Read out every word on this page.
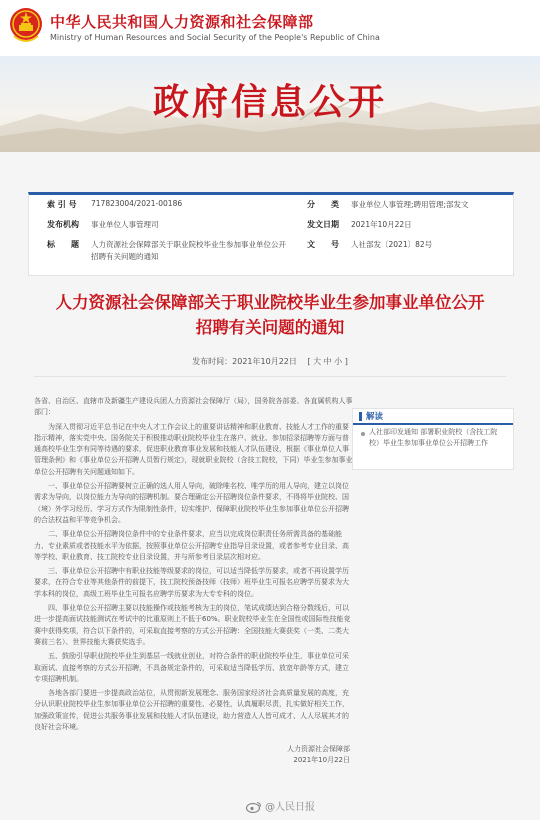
中华人民共和国人力资源和社会保障部
Ministry of Human Resources and Social Security of the People's Republic of China
政府信息公开
索 引 号 717823004/2021-00186	分　　类 事业单位人事管理;聘用管理;部发文
发布机构 事业单位人事管理司	发文日期 2021年10月22日
标　　题 人力资源社会保障部关于职业院校毕业生参加事业单位公开
招聘有关问题的通知
文　　号 人社部发〔2021〕82号
人力资源社会保障部关于职业院校毕业生参加事业单位公开
招聘有关问题的通知
发布时间：2021年10月22日 [ 大 中 小 ]

各省、自治区、直辖市及新疆生产建设兵团人力资源社会保障厅（局），国务院各部委、各直属机构人事部门：

为深入贯彻习近平总书记在中央人才工作会议上的重要讲话精神和职业教育、技能人才工作的重要指示精神，落实党中央、国务院关于积极推动职业院校毕业生在落户、就业、参加招录招聘等方面与普通高校毕业生享有同等待遇的要求，促进职业教育事业发展和技能人才队伍建设，根据《事业单位人事管理条例》和《事业单位公开招聘人员暂行规定》，现就职业院校（含技工院校，下同）毕业生参加事业单位公开招聘有关问题通知如下。

一、事业单位公开招聘要树立正确的选人用人导向，破除唯名校、唯学历的用人导向，建立以岗位需求为导向，以岗位能力为导向的招聘机制。要合理确定公开招聘岗位条件要求，不得将毕业院校、国（境）外学习经历、学习方式作为限制性条件，切实维护、保障职业院校毕业生参加事业单位公开招聘的合法权益和平等竞争机会。

二、事业单位公开招聘岗位条件中的专业条件要求，应当以完成岗位职责任务所需具备的基础能力、专业素质或者技能水平为依据，按照事业单位公开招聘专业指导目录设置，或者参考专业目录、高等学校、职业教育、技工院校专业目录设置，并与所参考目录层次相对应。

三、事业单位公开招聘中有职业技能等级要求的岗位，可以适当降低学历要求，或者不再设置学历要求，在符合专业等其他条件的前提下，技工院校预备技师（技师）班毕业生可报名应聘学历要求为大学本科的岗位，高级工班毕业生可报名应聘学历要求为大专专科的岗位。

四、事业单位公开招聘主要以技能操作或技能考核为主的岗位，笔试成绩达到合格分数线后，可以进一步提高面试技能测试在考试中的比重原则上不低于60%。职业院校毕业生在全国性或国际性技能竞赛中获得奖项，符合以下条件的，可采取直接考察的方式公开招聘：全国技能大赛获奖（一类、二类大赛前三名）、世界技能大赛获奖选手。

五、鼓励引导职业院校毕业生到基层一线就业创业，对符合条件的职业院校毕业生，事业单位可采取面试、直接考察的方式公开招聘，不具备规定条件的，可采取适当降低学历、放宽年龄等方式，建立专项招聘机制。

各地各部门要进一步提高政治站位，从贯彻新发展理念、服务国家经济社会高质量发展的高度，充分认识职业院校毕业生参加事业单位公开招聘的重要性、必要性，认真履职尽责，扎实做好相关工作，加强政策宣传，促进公共服务事业发展和技能人才队伍建设，助力营造人人皆可成才、人人尽展其才的良好社会环境。

人力资源社会保障部
2021年10月22日
解读
人社部印发通知 部署职业院校（含技工院校）毕业生参加事业单位公开招聘工作
@人民日报
